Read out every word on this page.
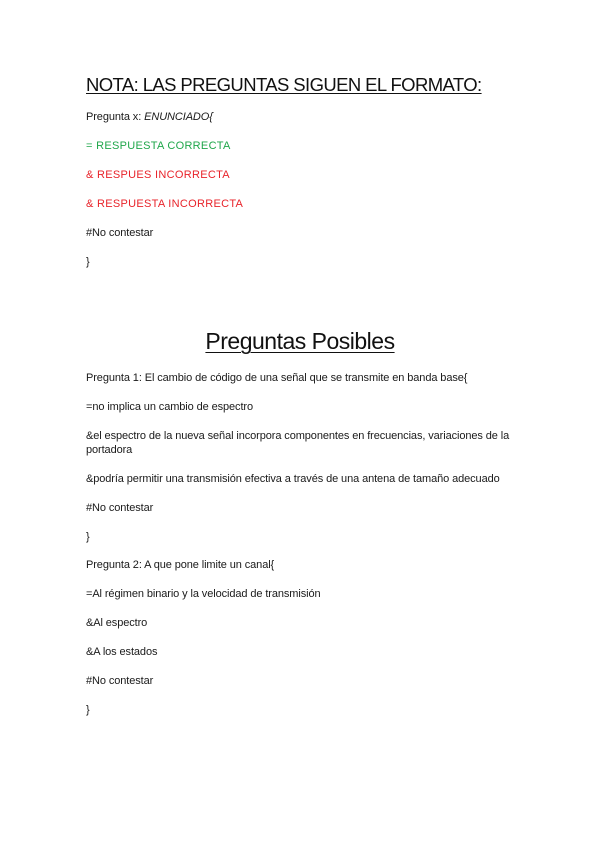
NOTA: LAS PREGUNTAS SIGUEN EL FORMATO:
Pregunta x: ENUNCIADO{
= RESPUESTA CORRECTA
& RESPUES INCORRECTA
& RESPUESTA INCORRECTA
#No contestar
}
Preguntas Posibles
Pregunta 1: El cambio de código de una señal que se transmite en banda base{
=no implica un cambio de espectro
&el espectro de la nueva señal incorpora componentes en frecuencias, variaciones de la portadora
&podría permitir una transmisión efectiva a través de una antena de tamaño adecuado
#No contestar
}
Pregunta 2: A que pone limite un canal{
=Al régimen binario y la velocidad de transmisión
&Al espectro
&A los estados
#No contestar
}
